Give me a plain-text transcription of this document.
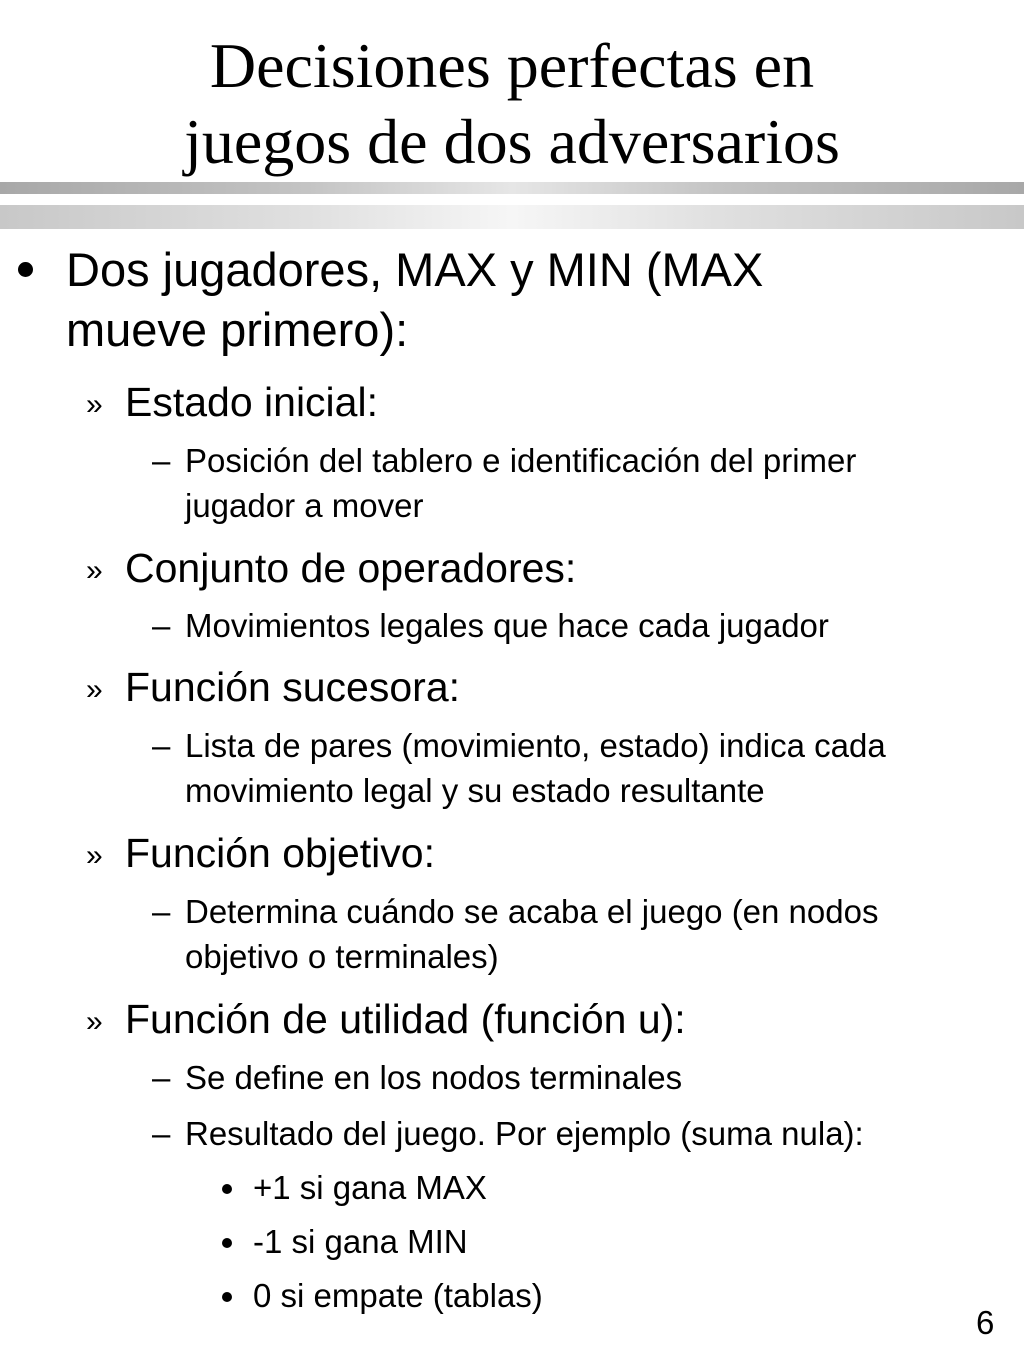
Decisiones perfectas en
juegos de dos adversarios
Dos jugadores, MAX y MIN (MAX
mueve primero):
» Estado inicial:
– Posición del tablero e identificación del primer
jugador a mover
» Conjunto de operadores:
– Movimientos legales que hace cada jugador
» Función sucesora:
– Lista de pares (movimiento, estado) indica cada
movimiento legal y su estado resultante
» Función objetivo:
– Determina cuándo se acaba el juego (en nodos
objetivo o terminales)
» Función de utilidad (función u):
– Se define en los nodos terminales
– Resultado del juego. Por ejemplo (suma nula):
+1 si gana MAX
-1 si gana MIN
0 si empate (tablas)
6
